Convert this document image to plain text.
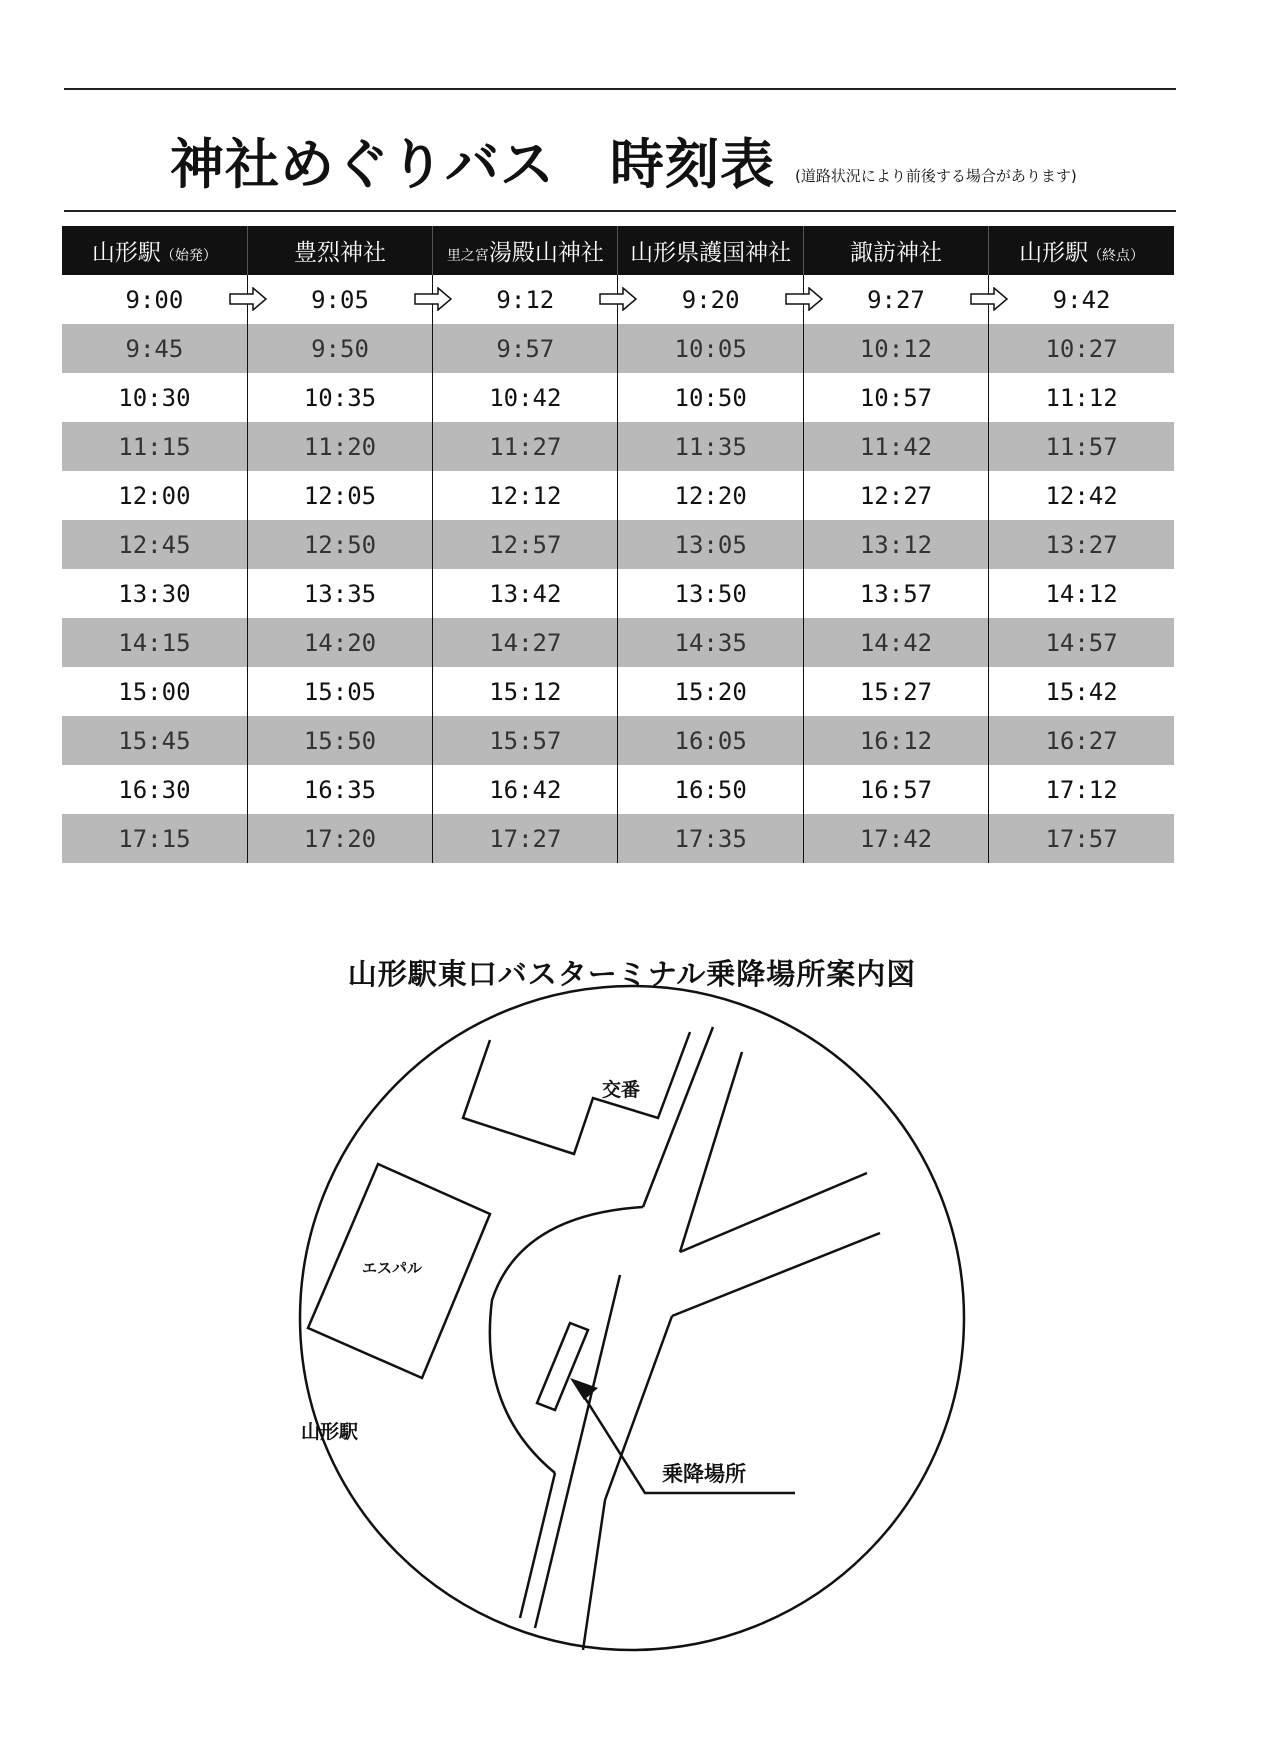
神社めぐりバス　時刻表 (道路状況により前後する場合があります)
山形駅（始発）	豊烈神社	里之宮湯殿山神社	山形県護国神社	諏訪神社	山形駅（終点）
9:00	9:05	9:12	9:20	9:27	9:42
9:45	9:50	9:57	10:05	10:12	10:27
10:30	10:35	10:42	10:50	10:57	11:12
11:15	11:20	11:27	11:35	11:42	11:57
12:00	12:05	12:12	12:20	12:27	12:42
12:45	12:50	12:57	13:05	13:12	13:27
13:30	13:35	13:42	13:50	13:57	14:12
14:15	14:20	14:27	14:35	14:42	14:57
15:00	15:05	15:12	15:20	15:27	15:42
15:45	15:50	15:57	16:05	16:12	16:27
16:30	16:35	16:42	16:50	16:57	17:12
17:15	17:20	17:27	17:35	17:42	17:57
山形駅東口バスターミナル乗降場所案内図
交番
エスパル
山形駅
乗降場所
